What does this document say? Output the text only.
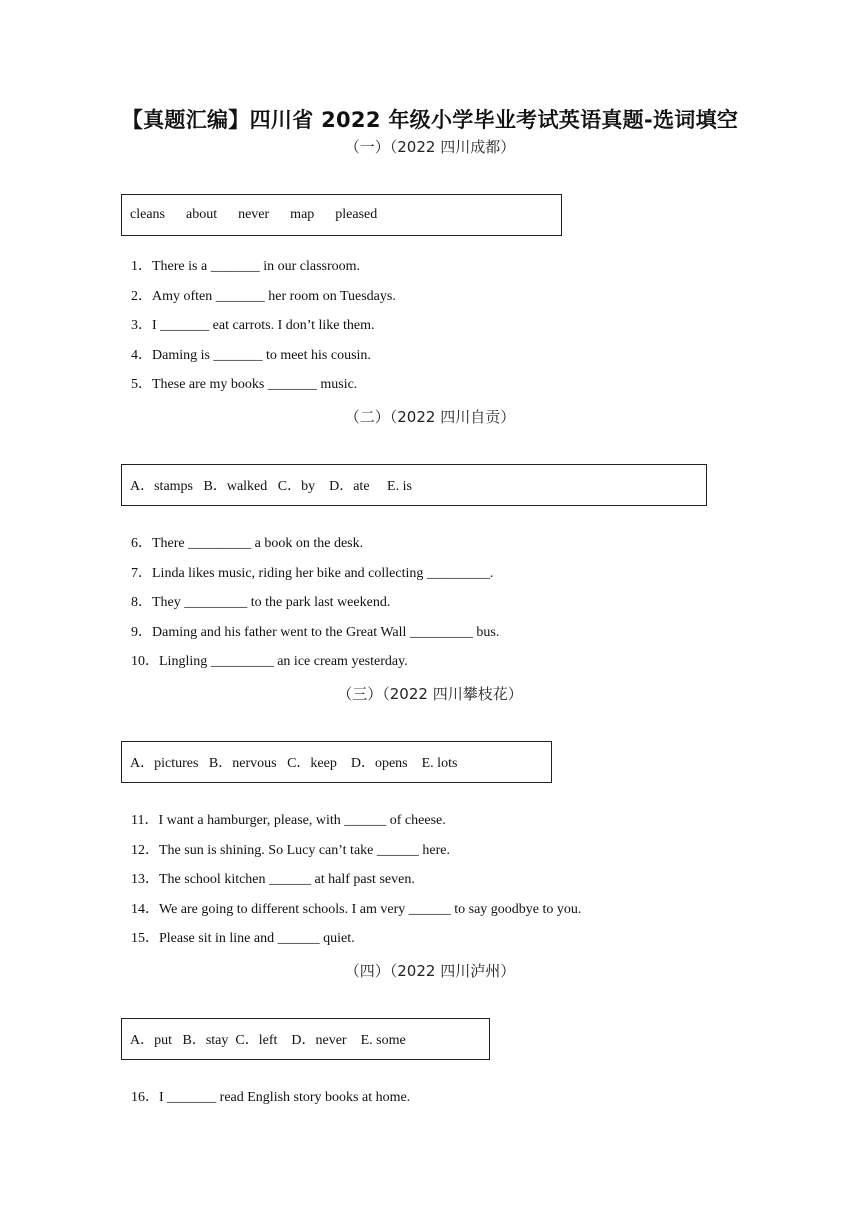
【真题汇编】四川省 2022 年级小学毕业考试英语真题-选词填空
（一）（2022 四川成都）
cleans      about      never      map      pleased
1．There is a _______ in our classroom.
2．Amy often _______ her room on Tuesdays.
3．I _______ eat carrots. I don’t like them.
4．Daming is _______ to meet his cousin.
5．These are my books _______ music.
（二）（2022 四川自贡）
A．stamps   B．walked   C．by    D．ate     E. is
6．There _________ a book on the desk.
7．Linda likes music, riding her bike and collecting _________.
8．They _________ to the park last weekend.
9．Daming and his father went to the Great Wall _________ bus.
10．Lingling _________ an ice cream yesterday.
（三）（2022 四川攀枝花）
A．pictures   B．nervous   C．keep    D．opens    E. lots
11．I want a hamburger, please, with ______ of cheese.
12．The sun is shining. So Lucy can’t take ______ here.
13．The school kitchen ______ at half past seven.
14．We are going to different schools. I am very ______ to say goodbye to you.
15．Please sit in line and ______ quiet.
（四）（2022 四川泸州）
A．put   B．stay  C．left    D．never    E. some
16．I _______ read English story books at home.
